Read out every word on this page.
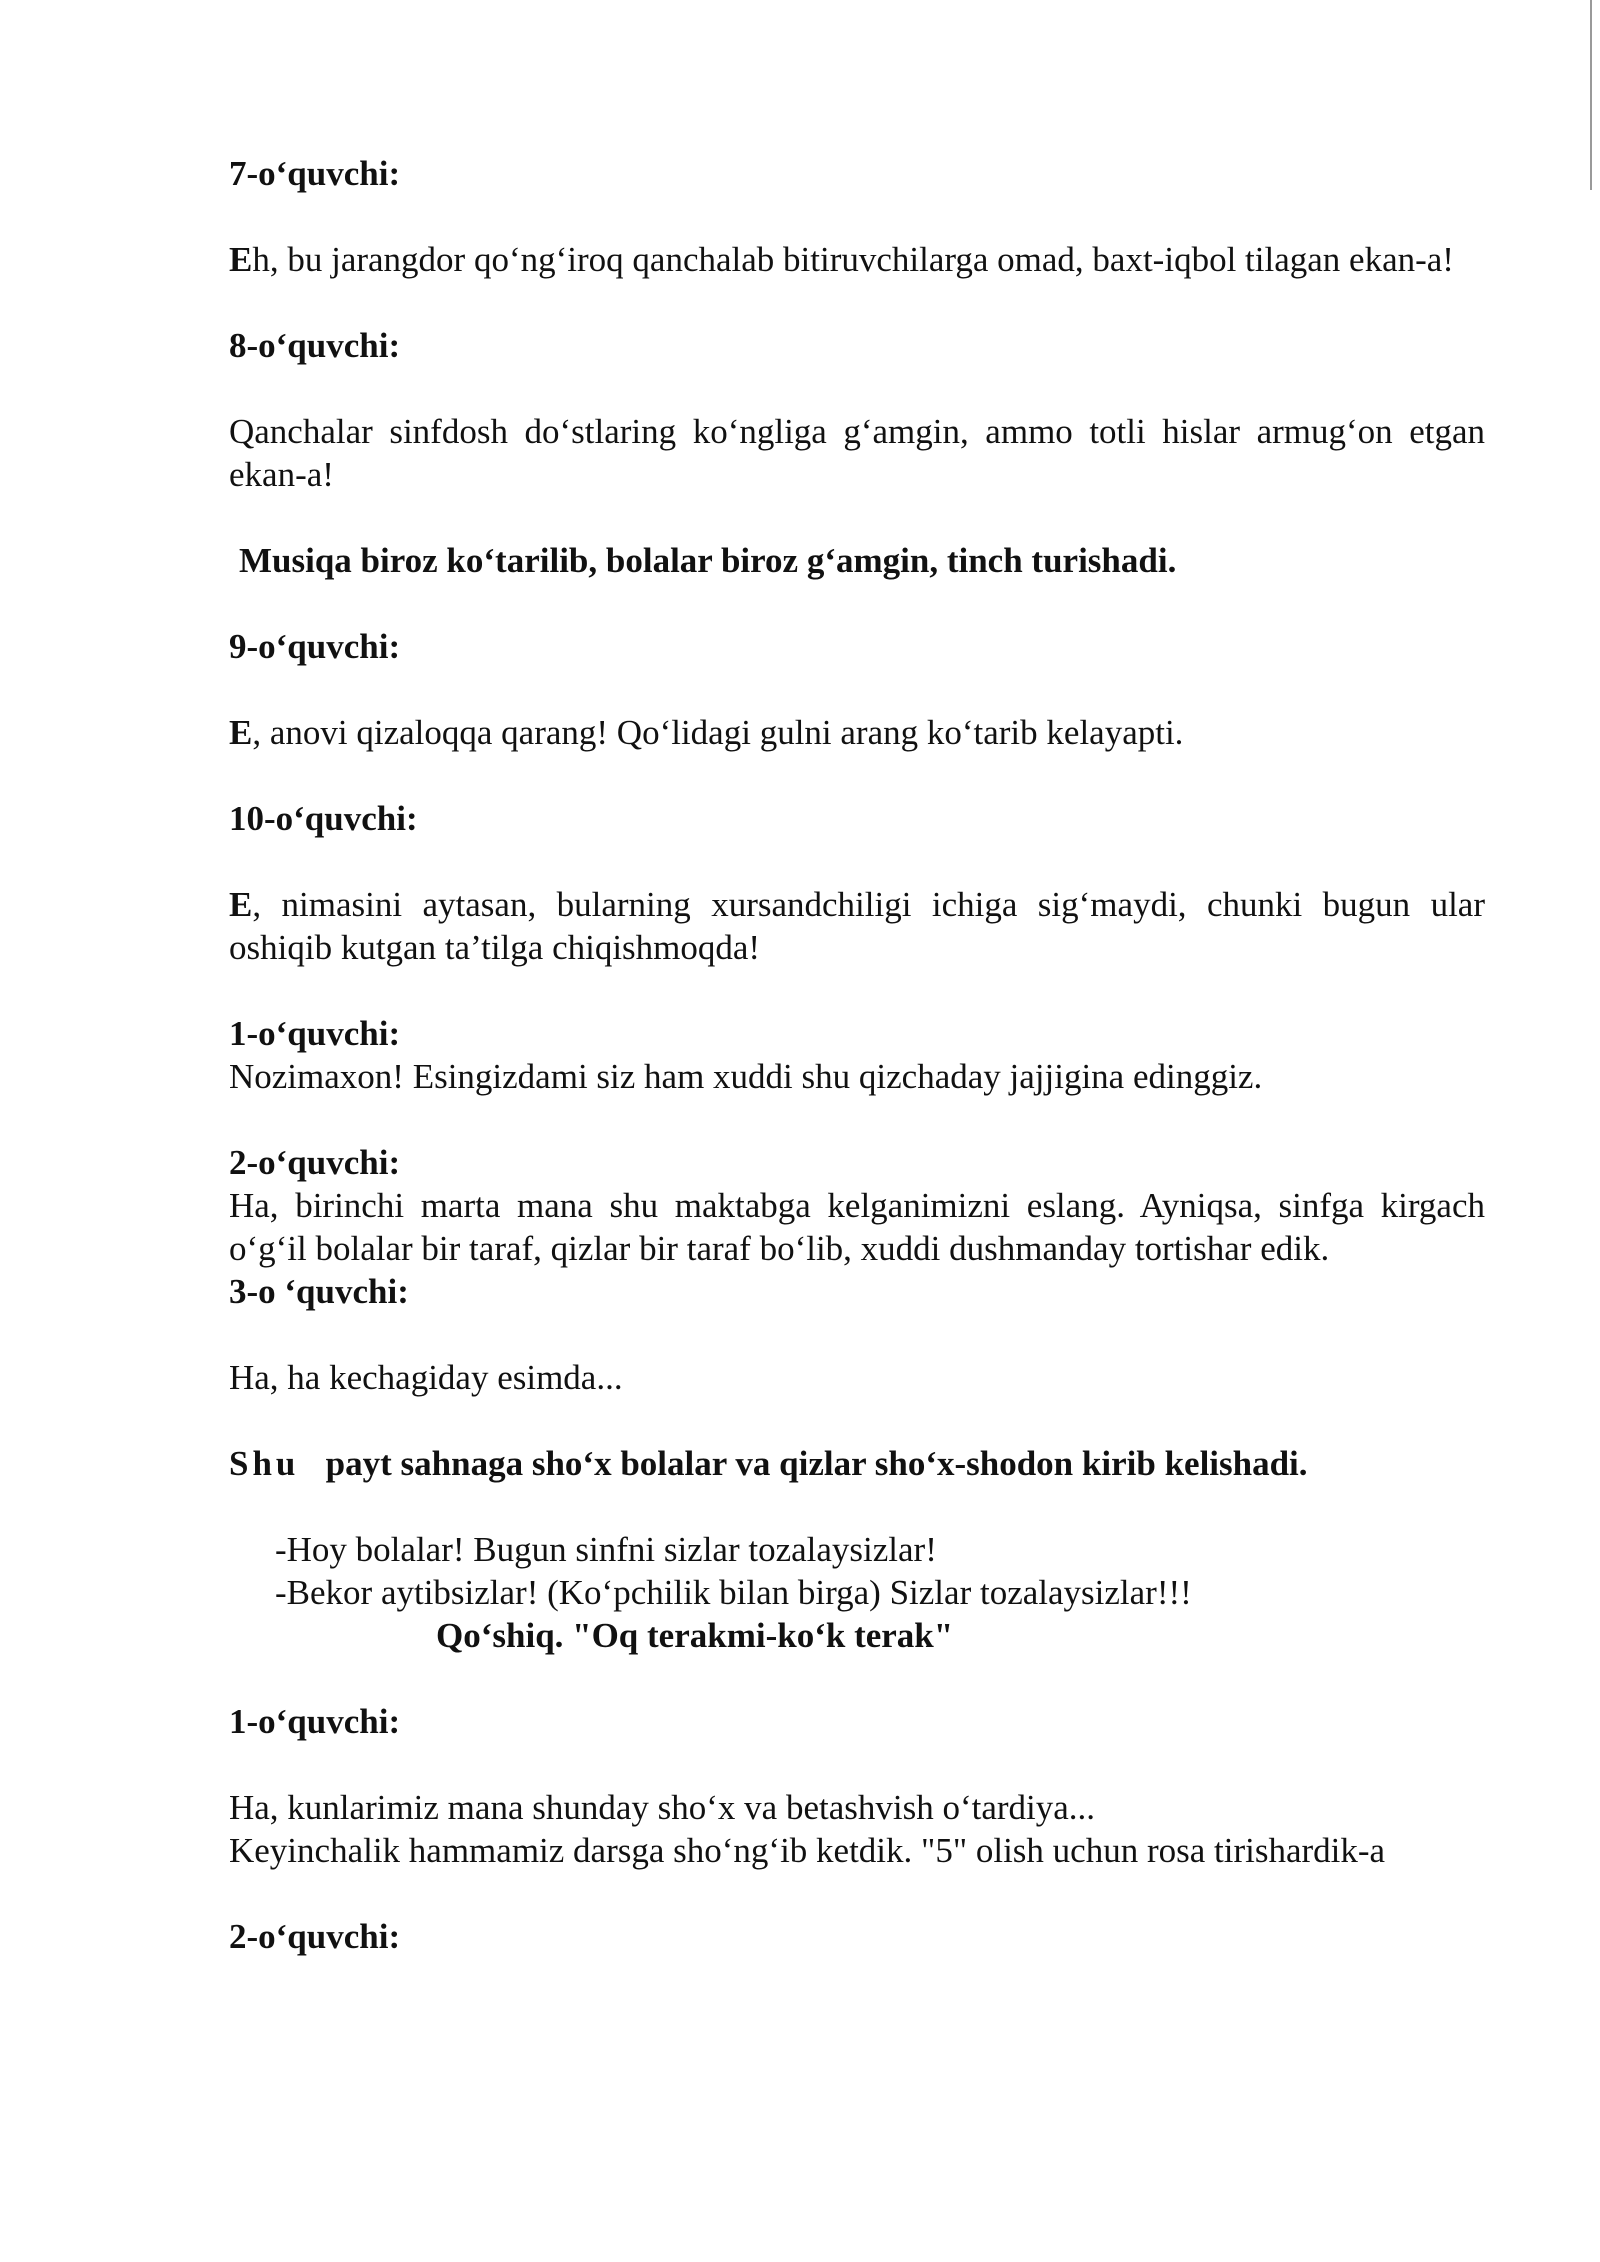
7-o‘quvchi:

Eh, bu jarangdor qo‘ng‘iroq qanchalab bitiruvchilarga omad, baxt-iqbol tilagan ekan-a!

8-o‘quvchi:

Qanchalar sinfdosh do‘stlaring ko‘ngliga g‘amgin, ammo totli hislar armug‘on etgan ekan-a!

Musiqa biroz ko‘tarilib, bolalar biroz g‘amgin, tinch turishadi.

9-o‘quvchi:

E, anovi qizaloqqa qarang! Qo‘lidagi gulni arang ko‘tarib kelayapti.

10-o‘quvchi:

E, nimasini aytasan, bularning xursandchiligi ichiga sig‘maydi, chunki bugun ular oshiqib kutgan ta’tilga chiqishmoqda!

1-o‘quvchi:

Nozimaxon! Esingizdami siz ham xuddi shu qizchaday jajjigina edinggiz.

2-o‘quvchi:

Ha, birinchi marta mana shu maktabga kelganimizni eslang. Ayniqsa, sinfga kirgach o‘g‘il bolalar bir taraf, qizlar bir taraf bo‘lib, xuddi dushmanday tortishar edik.

3-o ‘quvchi:

Ha, ha kechagiday esimda...

Shu payt sahnaga sho‘x bolalar va qizlar sho‘x-shodon kirib kelishadi.

-Hoy bolalar! Bugun sinfni sizlar tozalaysizlar!

-Bekor aytibsizlar! (Ko‘pchilik bilan birga) Sizlar tozalaysizlar!!!

Qo‘shiq. "Oq terakmi-ko‘k terak"

1-o‘quvchi:

Ha, kunlarimiz mana shunday sho‘x va betashvish o‘tardiya...

Keyinchalik hammamiz darsga sho‘ng‘ib ketdik. "5" olish uchun rosa tirishardik-a

2-o‘quvchi:
